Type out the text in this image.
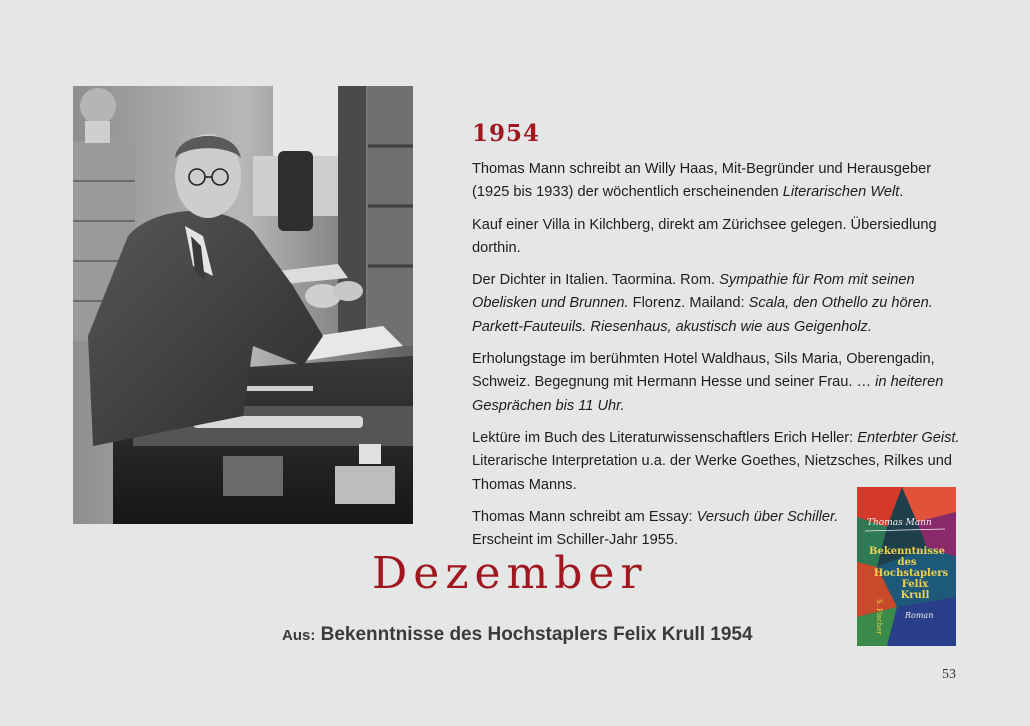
1954

Thomas Mann schreibt an Willy Haas, Mit-Begründer und Herausgeber (1925 bis 1933) der wöchentlich erscheinenden Literarischen Welt.

Kauf einer Villa in Kilchberg, direkt am Zürichsee gelegen. Übersiedlung dorthin.

Der Dichter in Italien. Taormina. Rom. Sympathie für Rom mit seinen Obelisken und Brunnen. Florenz. Mailand: Scala, den Othello zu hören. Parkett-Fauteuils. Riesenhaus, akustisch wie aus Geigenholz.

Erholungstage im berühmten Hotel Waldhaus, Sils Maria, Oberengadin, Schweiz. Begegnung mit Hermann Hesse und seiner Frau. … in heiteren Gesprächen bis 11 Uhr.

Lektüre im Buch des Literaturwissenschaftlers Erich Heller: Enterbter Geist. Literarische Interpretation u.a. der Werke Goethes, Nietzsches, Rilkes und Thomas Manns.

Thomas Mann schreibt am Essay: Versuch über Schiller.
Erscheint im Schiller-Jahr 1955.

Dezember
Aus: Bekenntnisse des Hochstaplers Felix Krull 1954
Thomas Mann
Bekenntnisse
des
Hochstaplers
Felix
Krull
S. Fischer	Roman
53
